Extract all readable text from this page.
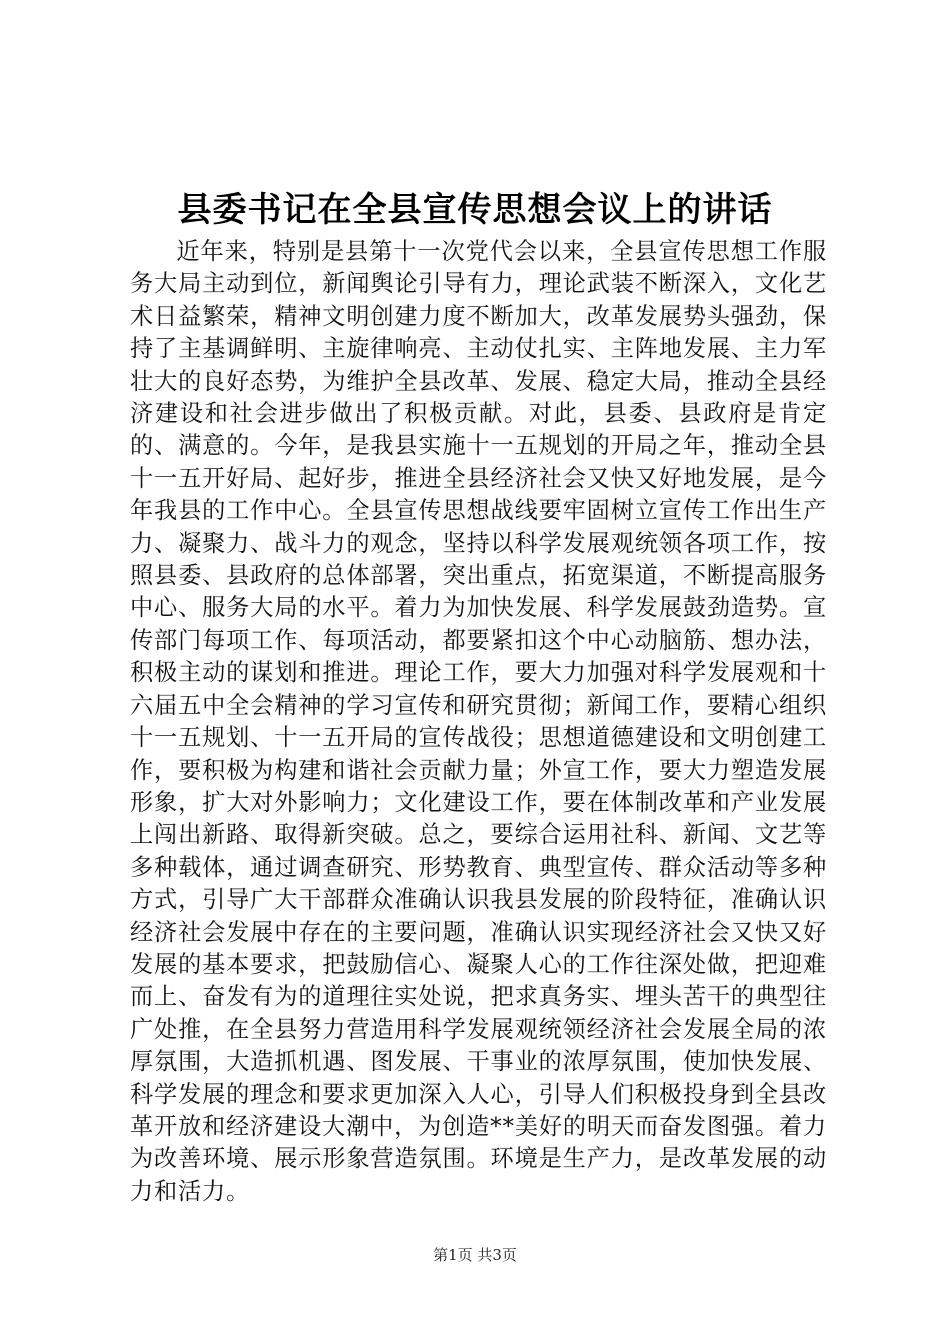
县委书记在全县宣传思想会议上的讲话

近年来，特别是县第十一次党代会以来，全县宣传思想工作服务大局主动到位，新闻舆论引导有力，理论武装不断深入，文化艺术日益繁荣，精神文明创建力度不断加大，改革发展势头强劲，保持了主基调鲜明、主旋律响亮、主动仗扎实、主阵地发展、主力军壮大的良好态势，为维护全县改革、发展、稳定大局，推动全县经济建设和社会进步做出了积极贡献。对此，县委、县政府是肯定的、满意的。今年，是我县实施十一五规划的开局之年，推动全县十一五开好局、起好步，推进全县经济社会又快又好地发展，是今年我县的工作中心。全县宣传思想战线要牢固树立宣传工作出生产力、凝聚力、战斗力的观念，坚持以科学发展观统领各项工作，按照县委、县政府的总体部署，突出重点，拓宽渠道，不断提高服务中心、服务大局的水平。着力为加快发展、科学发展鼓劲造势。宣传部门每项工作、每项活动，都要紧扣这个中心动脑筋、想办法，积极主动的谋划和推进。理论工作，要大力加强对科学发展观和十六届五中全会精神的学习宣传和研究贯彻；新闻工作，要精心组织十一五规划、十一五开局的宣传战役；思想道德建设和文明创建工作，要积极为构建和谐社会贡献力量；外宣工作，要大力塑造发展形象，扩大对外影响力；文化建设工作，要在体制改革和产业发展上闯出新路、取得新突破。总之，要综合运用社科、新闻、文艺等多种载体，通过调查研究、形势教育、典型宣传、群众活动等多种方式，引导广大干部群众准确认识我县发展的阶段特征，准确认识经济社会发展中存在的主要问题，准确认识实现经济社会又快又好发展的基本要求，把鼓励信心、凝聚人心的工作往深处做，把迎难而上、奋发有为的道理往实处说，把求真务实、埋头苦干的典型往广处推，在全县努力营造用科学发展观统领经济社会发展全局的浓厚氛围，大造抓机遇、图发展、干事业的浓厚氛围，使加快发展、科学发展的理念和要求更加深入人心，引导人们积极投身到全县改革开放和经济建设大潮中，为创造**美好的明天而奋发图强。着力为改善环境、展示形象营造氛围。环境是生产力，是改革发展的动力和活力。

第1页 共3页
